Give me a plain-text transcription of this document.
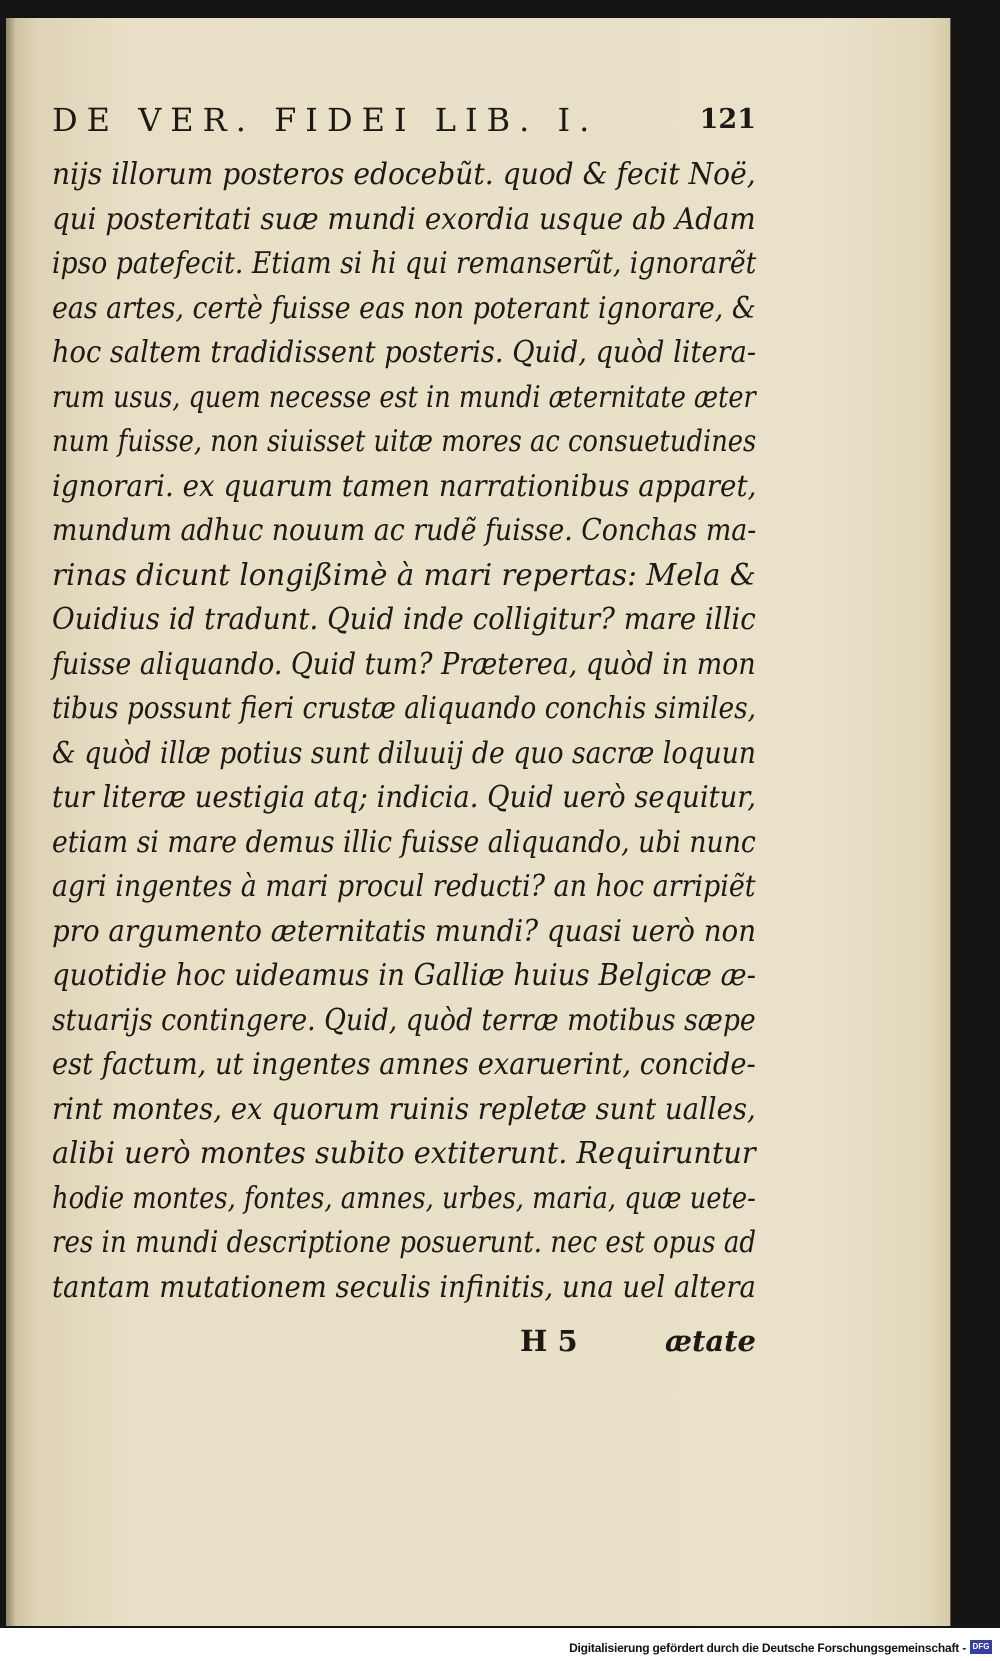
DE VER. FIDEI LIB. I.	121
nijs illorum posteros edocebũt. quod & fecit Noë,
qui posteritati suæ mundi exordia usque ab Adam
ipso patefecit. Etiam si hi qui remanserũt, ignorarẽt
eas artes, certè fuisse eas non poterant ignorare, &
hoc saltem tradidissent posteris. Quid, quòd litera-
rum usus, quem necesse est in mundi æternitate æter
num fuisse, non siuisset uitæ mores ac consuetudines
ignorari. ex quarum tamen narrationibus apparet,
mundum adhuc nouum ac rudẽ fuisse. Conchas ma-
rinas dicunt longißimè à mari repertas: Mela &
Ouidius id tradunt. Quid inde colligitur? mare illic
fuisse aliquando. Quid tum? Præterea, quòd in mon
tibus possunt fieri crustæ aliquando conchis similes,
& quòd illæ potius sunt diluuij de quo sacræ loquun
tur literæ uestigia atq; indicia. Quid uerò sequitur,
etiam si mare demus illic fuisse aliquando, ubi nunc
agri ingentes à mari procul reducti? an hoc arripiẽt
pro argumento æternitatis mundi? quasi uerò non
quotidie hoc uideamus in Galliæ huius Belgicæ æ-
stuarijs contingere. Quid, quòd terræ motibus sæpe
est factum, ut ingentes amnes exaruerint, concide-
rint montes, ex quorum ruinis repletæ sunt ualles,
alibi uerò montes subito extiterunt. Requiruntur
hodie montes, fontes, amnes, urbes, maria, quæ uete-
res in mundi descriptione posuerunt. nec est opus ad
tantam mutationem seculis infinitis, una uel altera
H 5	ætate
Digitalisierung gefördert durch die Deutsche Forschungsgemeinschaft - DFG
